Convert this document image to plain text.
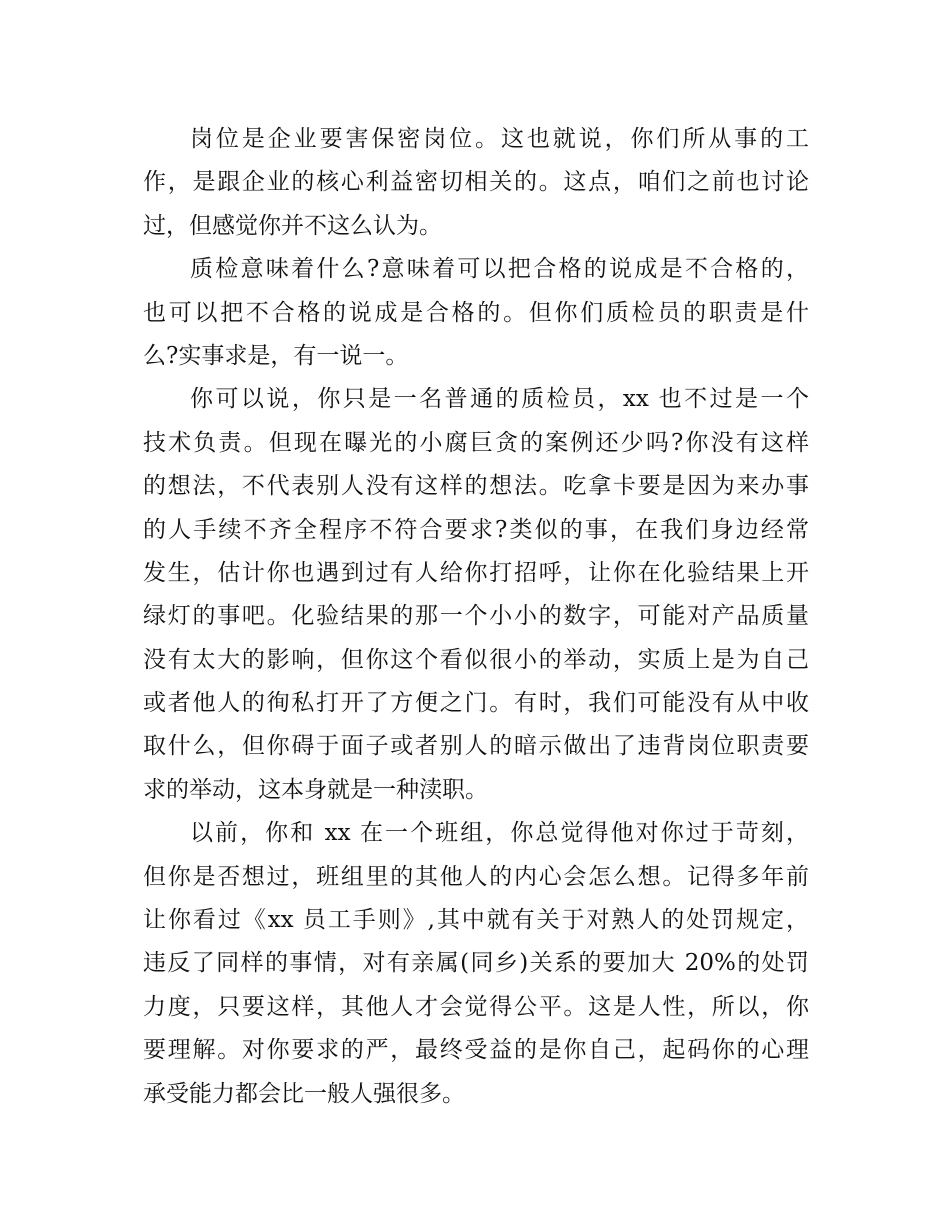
岗位是企业要害保密岗位。这也就说，你们所从事的工
作，是跟企业的核心利益密切相关的。这点，咱们之前也讨论
过，但感觉你并不这么认为。
质检意味着什么?意味着可以把合格的说成是不合格的，
也可以把不合格的说成是合格的。但你们质检员的职责是什
么?实事求是，有一说一。
你可以说，你只是一名普通的质检员，xx 也不过是一个
技术负责。但现在曝光的小腐巨贪的案例还少吗?你没有这样
的想法，不代表别人没有这样的想法。吃拿卡要是因为来办事
的人手续不齐全程序不符合要求?类似的事，在我们身边经常
发生，估计你也遇到过有人给你打招呼，让你在化验结果上开
绿灯的事吧。化验结果的那一个小小的数字，可能对产品质量
没有太大的影响，但你这个看似很小的举动，实质上是为自己
或者他人的徇私打开了方便之门。有时，我们可能没有从中收
取什么，但你碍于面子或者别人的暗示做出了违背岗位职责要
求的举动，这本身就是一种渎职。
以前，你和 xx 在一个班组，你总觉得他对你过于苛刻，
但你是否想过，班组里的其他人的内心会怎么想。记得多年前
让你看过《xx 员工手则》,其中就有关于对熟人的处罚规定，
违反了同样的事情，对有亲属(同乡)关系的要加大 20%的处罚
力度，只要这样，其他人才会觉得公平。这是人性，所以，你
要理解。对你要求的严，最终受益的是你自己，起码你的心理
承受能力都会比一般人强很多。
